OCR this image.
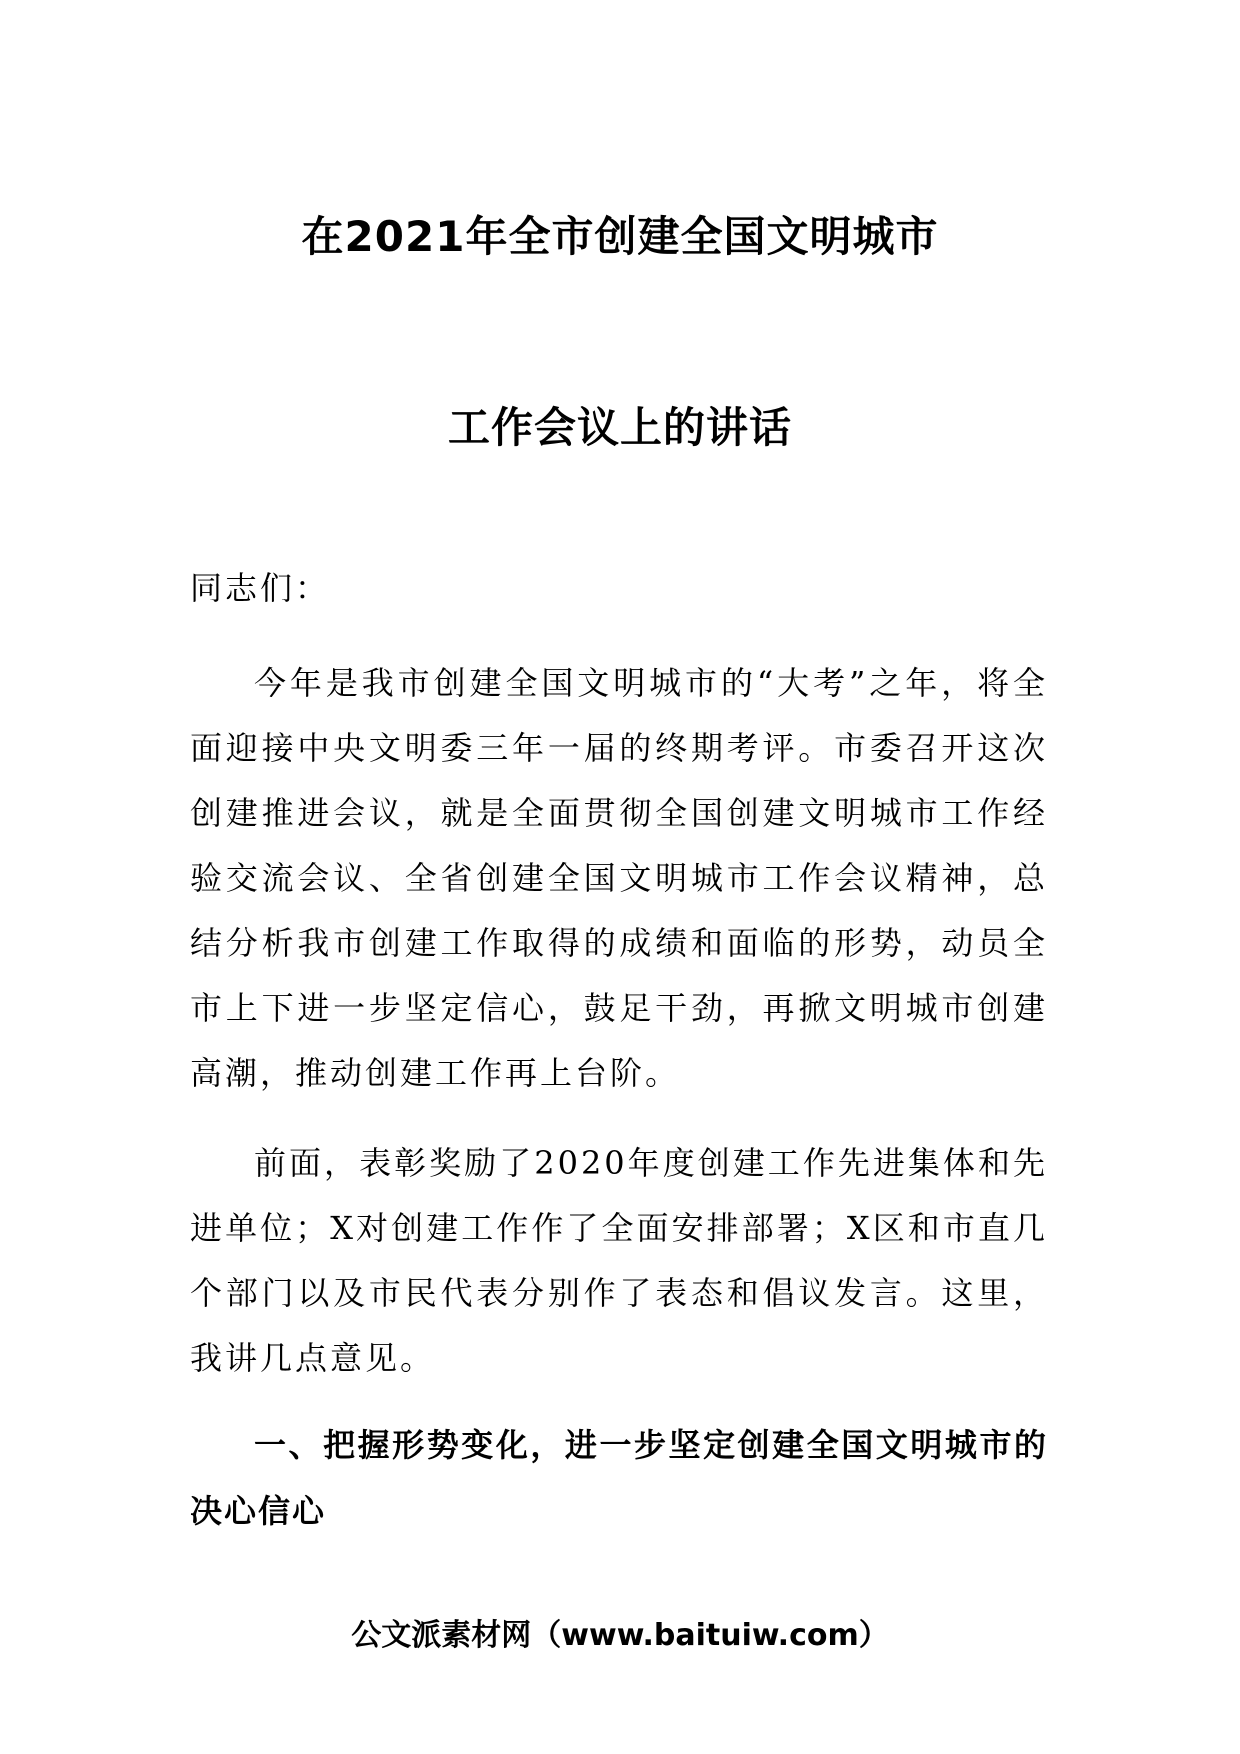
在2021年全市创建全国文明城市
工作会议上的讲话
同志们：
今年是我市创建全国文明城市的“大考”之年，将全面迎接中央文明委三年一届的终期考评。市委召开这次创建推进会议，就是全面贯彻全国创建文明城市工作经验交流会议、全省创建全国文明城市工作会议精神，总结分析我市创建工作取得的成绩和面临的形势，动员全市上下进一步坚定信心，鼓足干劲，再掀文明城市创建高潮，推动创建工作再上台阶。
前面，表彰奖励了2020年度创建工作先进集体和先进单位；X对创建工作作了全面安排部署；X区和市直几个部门以及市民代表分别作了表态和倡议发言。这里，我讲几点意见。
一、把握形势变化，进一步坚定创建全国文明城市的决心信心
公文派素材网（www.baituiw.com）
